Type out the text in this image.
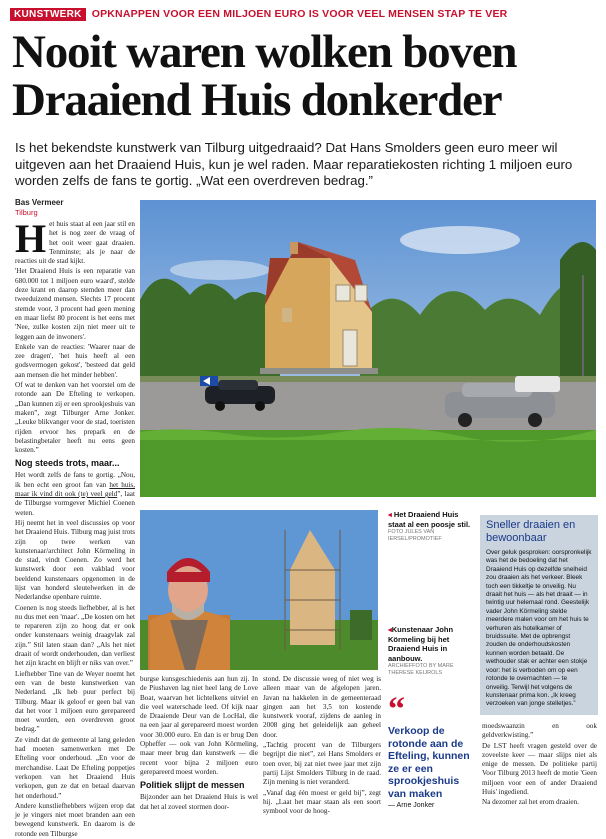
KUNSTWERK OPKNAPPEN VOOR EEN MILJOEN EURO IS VOOR VEEL MENSEN STAP TE VER
Nooit waren wolken boven
Draaiend Huis donkerder
Is het bekendste kunstwerk van Tilburg uitgedraaid? Dat Hans Smolders geen euro meer wil
uitgeven aan het Draaiend Huis, kun je wel raden. Maar reparatiekosten richting 1 miljoen euro
worden zelfs de fans te gortig. „Wat een overdreven bedrag.”
Bas Vermeer
Tilburg
H et huis staat al een jaar stil en het is nog zeer de vraag of het ooit weer gaat draaien. Tenminste; als je naar de reacties uit de stad kijkt.

'Het Draaiend Huis is een reparatie van 680.000 tot 1 miljoen euro waard', stelde deze krant en daarop stemden meer dan tweeduizend mensen. Slechts 17 procent stemde voor, 3 procent had geen mening en maar liefst 80 procent is het eens met 'Nee, zulke kosten zijn niet meer uit te leggen aan de inwoners'.

Enkele van de reacties: 'Waarer naar de zee dragen', 'het huis heeft al een godsvermogen gekost', 'besteed dat geld aan mensen die het minder hebben'.

Of wat te denken van het voorstel om de rotonde aan De Efteling te verkopen. „Dan kunnen zij er een sprookjeshuis van maken”, zegt Tilburger Arne Jonker. „Leuke blikvanger voor de stad, toeristen rijden ervoor hes prepark en de belastingbetaler heeft nu eens geen kosten.”

Nog steeds trots, maar...

Het wordt zelfs de fans te gortig. „Nou, ik ben echt een groot fan van het huis, maar ik vind dit ook (te) veel geld”, laat de Tilburgse vormgever Michiel Coenen weten.

Hij neemt het in veel discussies op voor het Draaiend Huis. Tilburg mag juist trots zijn op twee werken van kunstenaar/architect John Körmeling in de stad, vindt Coenen. Zo werd het kunstwerk door een vakblad voor beeldend kunstenaars opgenomen in de lijst van honderd sleutelwerken in de Nederlandse openbare ruimte.

Coenen is nog steeds liefhebber, al is het nu dus met een 'maar'. „De kosten om het te repareren zijn zo hoog dat er ook onder kunstenaars weinig draagvlak zal zijn.” Stil laten staan dan? „Als het niet draait of wordt onderhouden, dan verliest het zijn kracht en blijft er niks van over.”

Liefhebber Tine van de Weyer noemt het een van de beste kunstwerken van Nederland. „Ik heb puur perfect bij Tilburg. Maar ik geloof er geen bal van dat het voor 1 miljoen euro gerepareerd moet worden, een overdreven groot bedrag.”

Ze vindt dat de gemeente al lang geleden had moeten samenwerken met De Efteling voor onderhoud. „En voor de merchandise. Laat De Efteling poppetjes verkopen van het Draaiend Huis verkopen, gun ze dat en betaal daarvan het onderhoud.”

Andere kunstliefhebbers wijzen erop dat je je vingers niet moet branden aan een bewegend kunstwerk. En daarom is de rotonde een Tilburgse

◂ Het Draaiend Huis staat al een poosje stil.
FOTO JULES VAN IERSEL/PROMOTIEF
◂Kunstenaar John Körmeling bij het Draaiend Huis in aanbouw.
ARCHIEFFOTO BY MARE THERESE KEIJROLS

burgse kunsgeschiedenis aan hun zij. In de Piushaven lag niet heel lang de Love Boat, waarvan het lichtelkens uitviel en die veel waterschade leed. Of kijk naar de Draaiende Deur van de LocHal, die na een jaar al gerepareerd moest worden voor 30.000 euro. En dan is er brug Den Opheffer — ook van John Körmeling, maar meer brug dan kunstwerk — die recent voor bijna 2 miljoen euro gerepareerd moest worden.

Politiek slijpt de messen

Bijzonder aan het Draaiend Huis is wel dat het al zoveel stormen door-

stond. De discussie weeg of niet weg is alleen maar van de afgelopen jaren. Javan na hakkelen in de gemeenteraad gingen aan het 3,5 ton kostende kunstwerk vooraf, zijdens de aanleg in 2008 ging het geleidelijk aan geheel door.

„Tachtig procent van de Tilburgers begrijpt die niet”, zei Hans Smolders er toen over, bij zat niet twee jaar met zijn partij Lijst Smolders Tilburg in de raad. Zijn mening is niet veranderd.

„Vanaf dag één moest er geld bij”, zegt hij. „Laat het maar staan als een soort symbool voor de hoog-

“
Verkoop de rotonde aan de Efteling, kunnen ze er een sprookjeshuis van maken
— Arne Jonker
Sneller draaien en bewoonbaar
Over geluk gesproken: oorspronkelijk was het de bedoeling dat het Draaiend Huis op dezelfde snelheid zou draaien als het verkeer. Bleek toch een tikkeltje te onveilig. Nu draait het huis — als het draait — in twintig uur helemaal rond. Geestelijk vader John Körmeling stelde meerdere malen voor om het huis te verhuren als hotelkamer of bruidssuite. Met de opbrengst zouden de onderhoudskosten kunnen worden betaald. De wethouder stak er achter een stokje voor: het is verboden om op een rotonde te overnachten — te onveilig. Terwijl het volgens de kunstenaar prima kon. „Ik kreeg verzoeken van jonge stelletjes.”

moedswaanzin en ook geldverkwisting.”

De LST heeft vragen gesteld over de zoveelste keer — maar slijps niet als enige de messen. De politieke partij Voor Tilburg 2013 heeft de motie 'Geen miljoen voor een of ander Draaiend Huis' ingediend.

Na dezomer zal het erom draaien.
